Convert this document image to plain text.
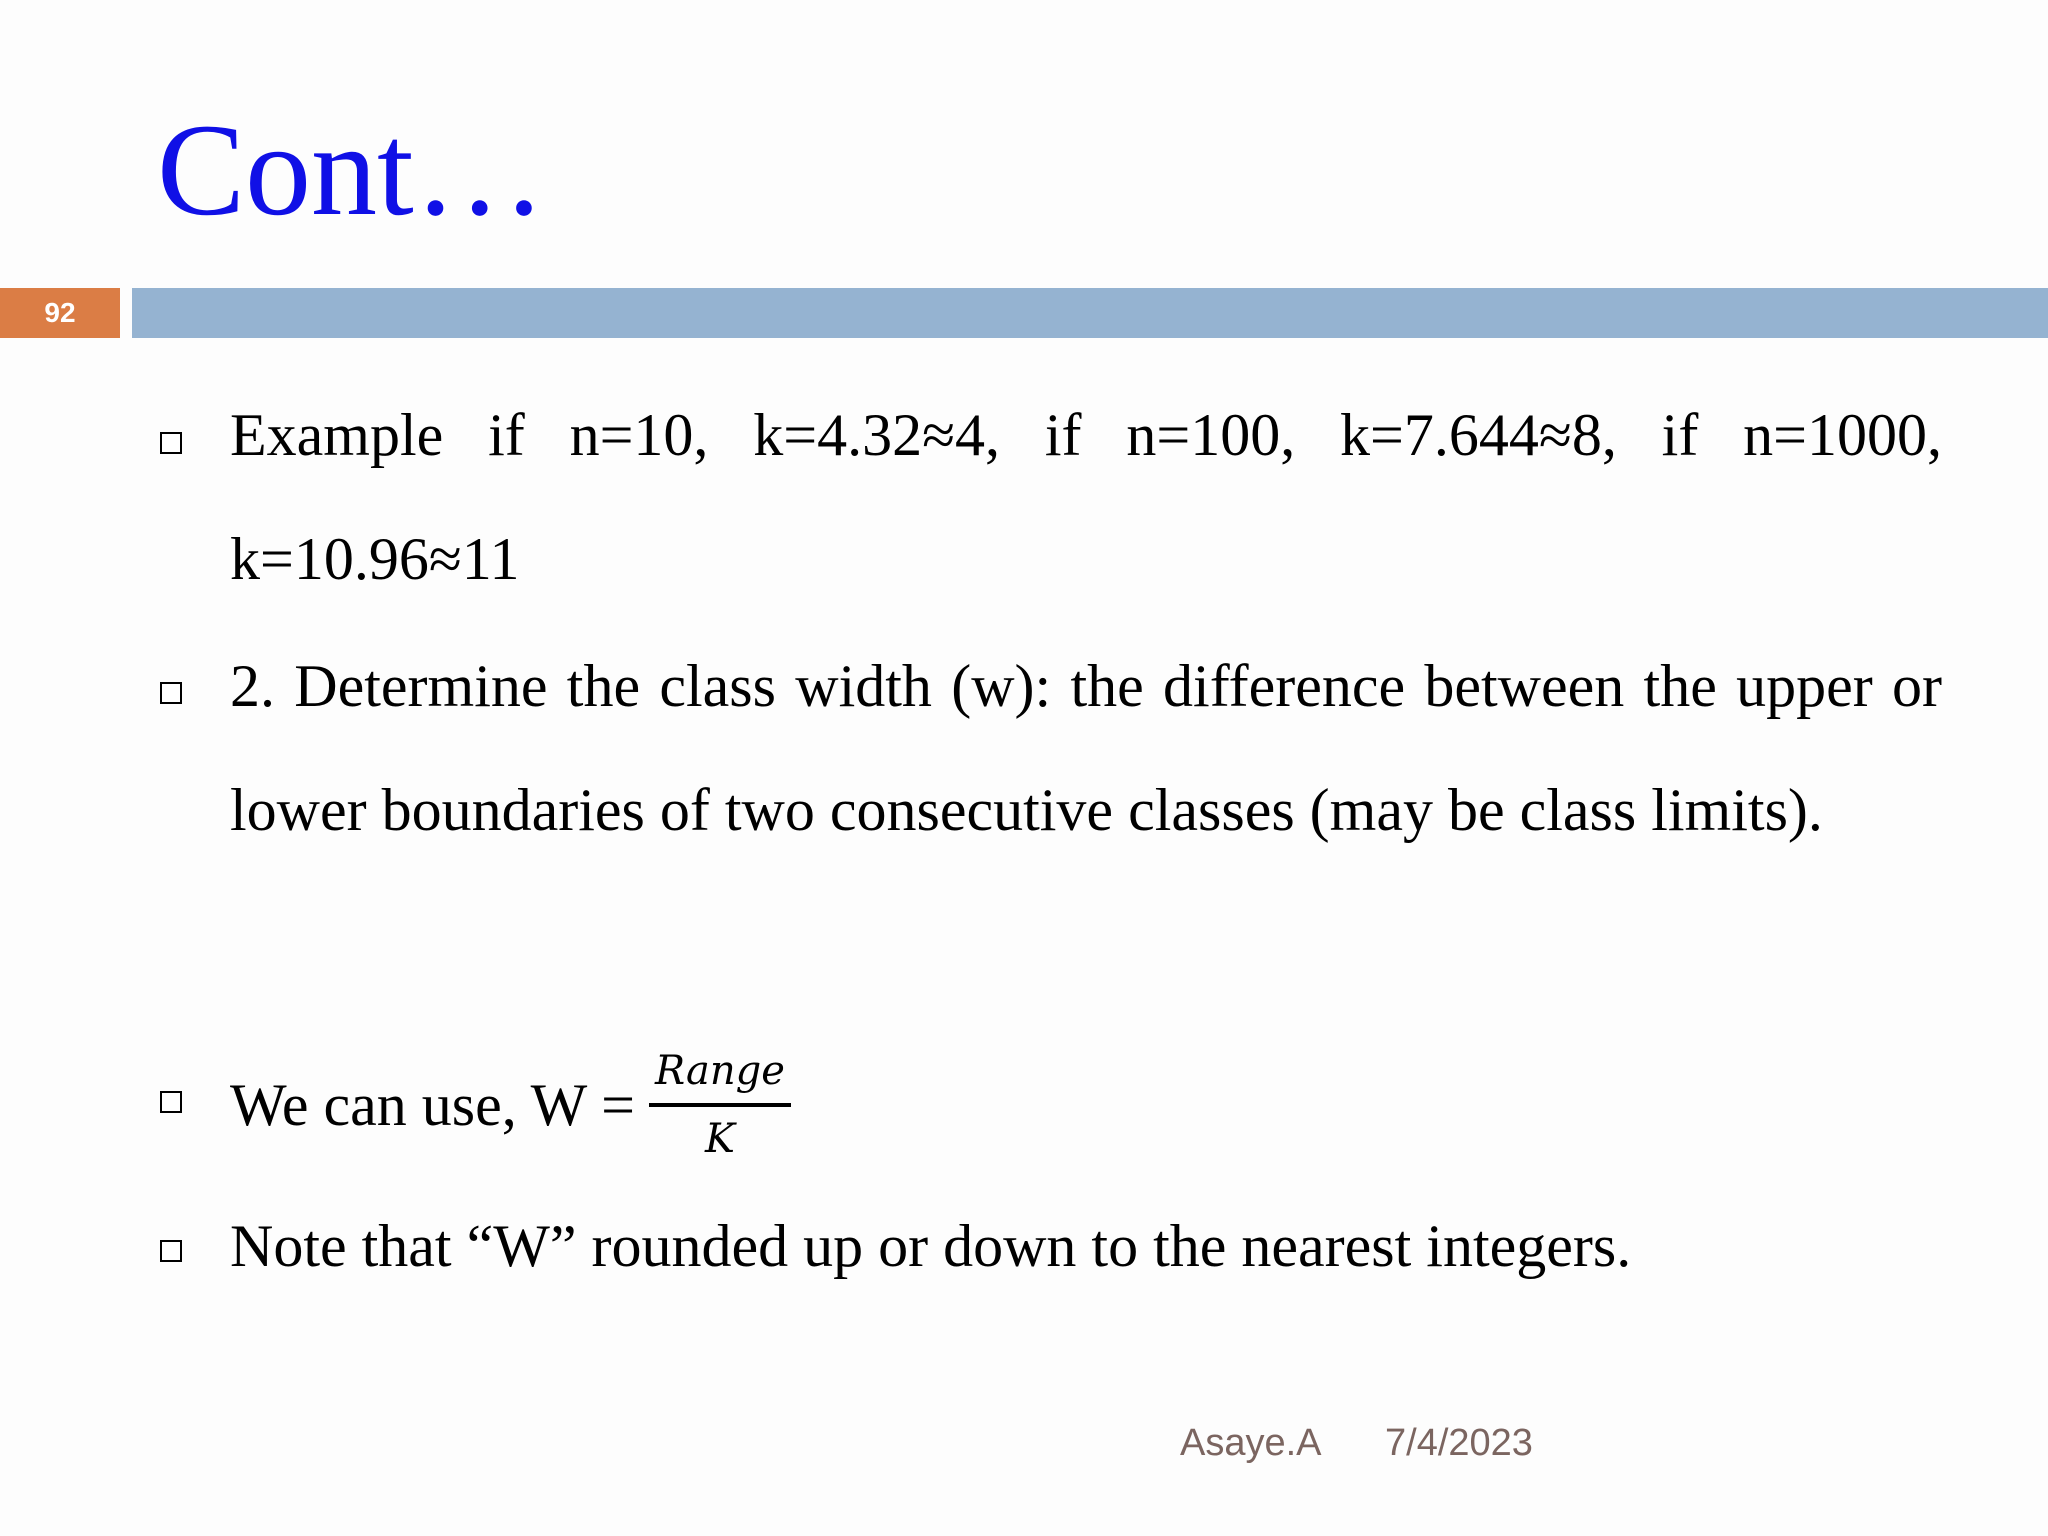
Cont…
92
Example if n=10, k=4.32≈4, if n=100, k=7.644≈8, if n=1000, k=10.96≈11
2. Determine the class width (w): the difference between the upper or lower boundaries of two consecutive classes (may be class limits).
We can use, $W = \frac{\text{Range}}{K}$
Note that “W” rounded up or down to the nearest integers.
Asaye.A 7/4/2023
